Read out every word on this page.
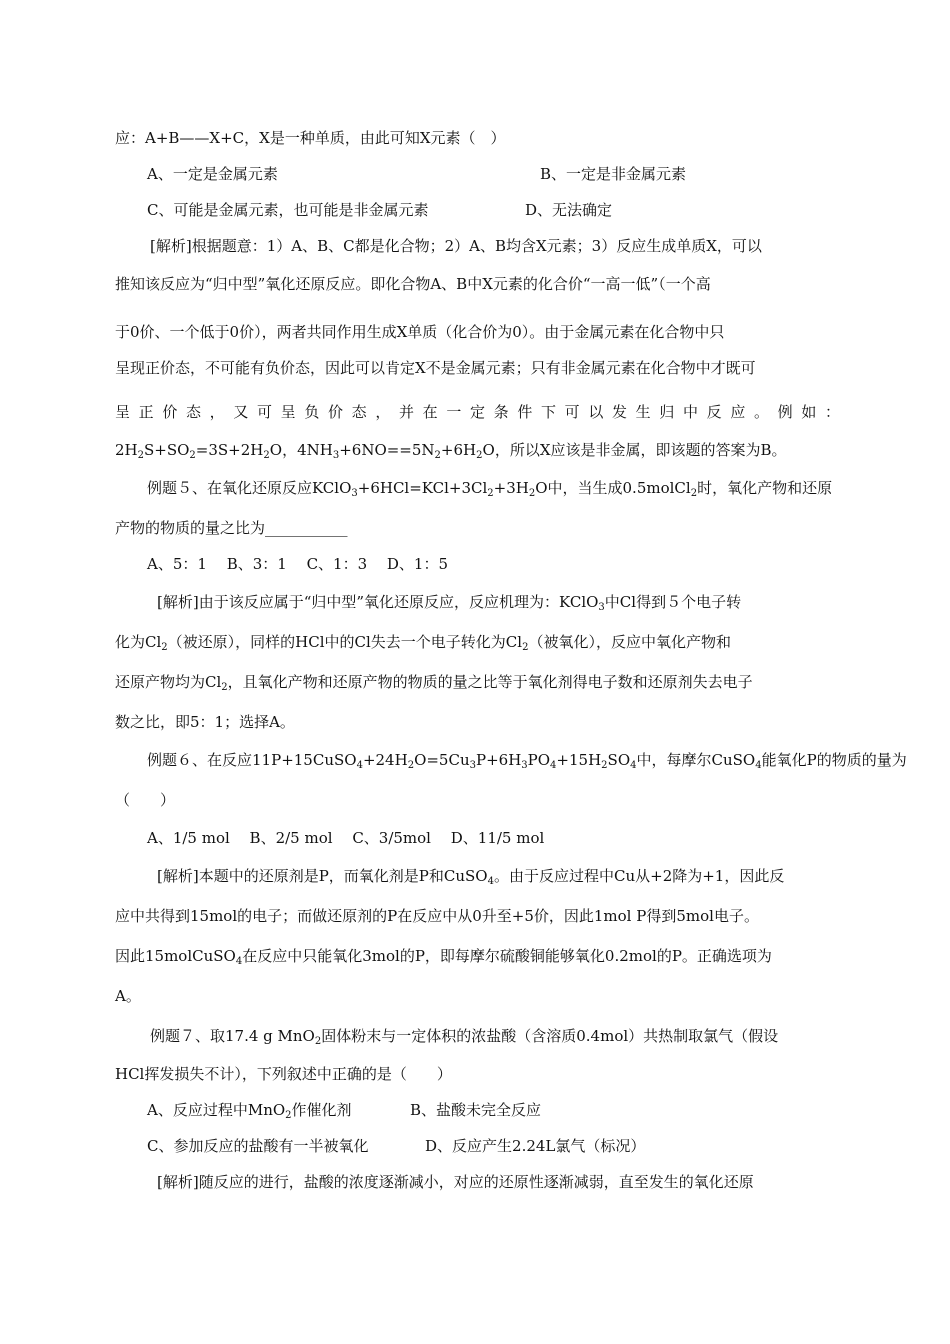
应：A+B——X+C，X是一种单质，由此可知X元素（　）
A、一定是金属元素	B、一定是非金属元素
C、可能是金属元素，也可能是非金属元素	D、无法确定
[解析]根据题意：1）A、B、C都是化合物；2）A、B均含X元素；3）反应生成单质X，可以
推知该反应为“归中型”氧化还原反应。即化合物A、B中X元素的化合价“一高一低”（一个高
于0价、一个低于0价），两者共同作用生成X单质（化合价为0）。由于金属元素在化合物中只
呈现正价态，不可能有负价态，因此可以肯定X不是金属元素；只有非金属元素在化合物中才既可
呈正价态，又可呈负价态，并在一定条件下可以发生归中反应。例如：
$2H_2S+SO_2=3S+2H_2O$，$4NH_3+6NO==5N_2+6H_2O$，所以X应该是非金属，即该题的答案为B。
例题５、在氧化还原反应$KClO_3+6HCl=KCl+3Cl_2+3H_2O$中，当生成0.5molCl$_2$时，氧化产物和还原
产物的物质的量之比为___________
A、5：1　 B、3：1　 C、1：3　 D、1：5
[解析]由于该反应属于“归中型”氧化还原反应，反应机理为：KClO$_3$中Cl得到５个电子转
化为$Cl_2$（被还原），同样的HCl中的Cl失去一个电子转化为$Cl_2$（被氧化），反应中氧化产物和
还原产物均为$Cl_2$，且氧化产物和还原产物的物质的量之比等于氧化剂得电子数和还原剂失去电子
数之比，即5：1；选择A。
例题６、在反应$11P+15CuSO_4+24H_2O=5Cu_3P+6H_3PO_4+15H_2SO_4$中，每摩尔CuSO$_4$能氧化P的物质的量为
（　　）
A、1/5 mol　 B、2/5 mol　 C、3/5mol　 D、11/5 mol
[解析]本题中的还原剂是P，而氧化剂是P和CuSO$_4$。由于反应过程中Cu从+2降为+1，因此反
应中共得到15mol的电子；而做还原剂的P在反应中从0升至+5价，因此1mol P得到5mol电子。
因此15molCuSO$_4$在反应中只能氧化3mol的P，即每摩尔硫酸铜能够氧化0.2mol的P。正确选项为
A。
例题７、取17.4 g MnO$_2$固体粉末与一定体积的浓盐酸（含溶质0.4mol）共热制取氯气（假设
HCl挥发损失不计），下列叙述中正确的是（　　）
A、反应过程中MnO$_2$作催化剂	B、盐酸未完全反应
C、参加反应的盐酸有一半被氧化	D、反应产生2.24L氯气（标况）
[解析]随反应的进行，盐酸的浓度逐渐减小，对应的还原性逐渐减弱，直至发生的氧化还原
